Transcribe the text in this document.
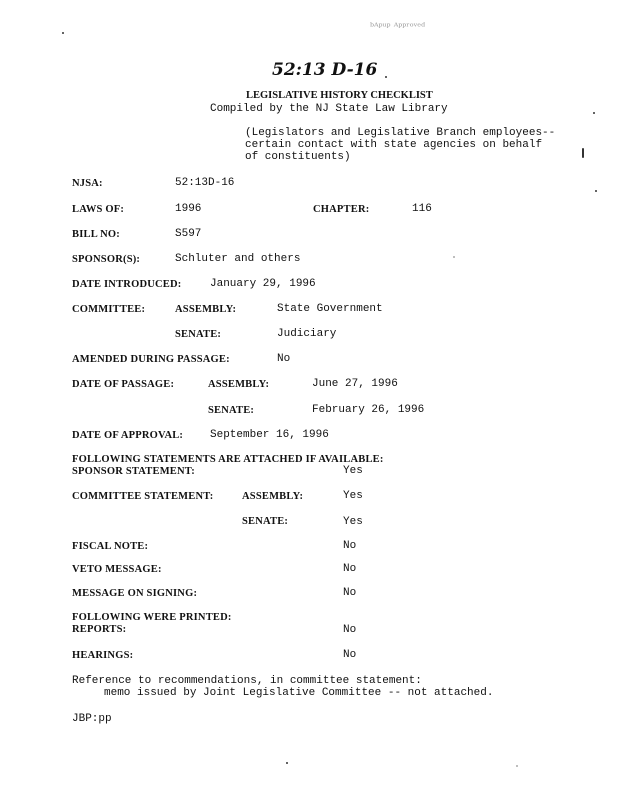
ᵇᴬᵖᵘᵖ ᴬᵖᵖʳᵒᵛᵉᵈ
52:13 D-16
LEGISLATIVE HISTORY CHECKLIST
Compiled by the NJ State Law Library
(Legislators and Legislative Branch employees--
certain contact with state agencies on behalf
of constituents)
NJSA:	52:13D-16
LAWS OF:	1996	CHAPTER:	116
BILL NO:	S597
SPONSOR(S):	Schluter and others
DATE INTRODUCED:	January 29, 1996
COMMITTEE:	ASSEMBLY:	State Government
SENATE:	Judiciary
AMENDED DURING PASSAGE:	No
DATE OF PASSAGE:	ASSEMBLY:	June 27, 1996
SENATE:	February 26, 1996
DATE OF APPROVAL: September 16, 1996
FOLLOWING STATEMENTS ARE ATTACHED IF AVAILABLE:
SPONSOR STATEMENT:	Yes
COMMITTEE STATEMENT:	ASSEMBLY:	Yes
SENATE:	Yes
FISCAL NOTE:	No
VETO MESSAGE:	No
MESSAGE ON SIGNING:	No
FOLLOWING WERE PRINTED:
REPORTS:	No
HEARINGS:	No
Reference to recommendations, in committee statement:
memo issued by Joint Legislative Committee -- not attached.
JBP:pp
